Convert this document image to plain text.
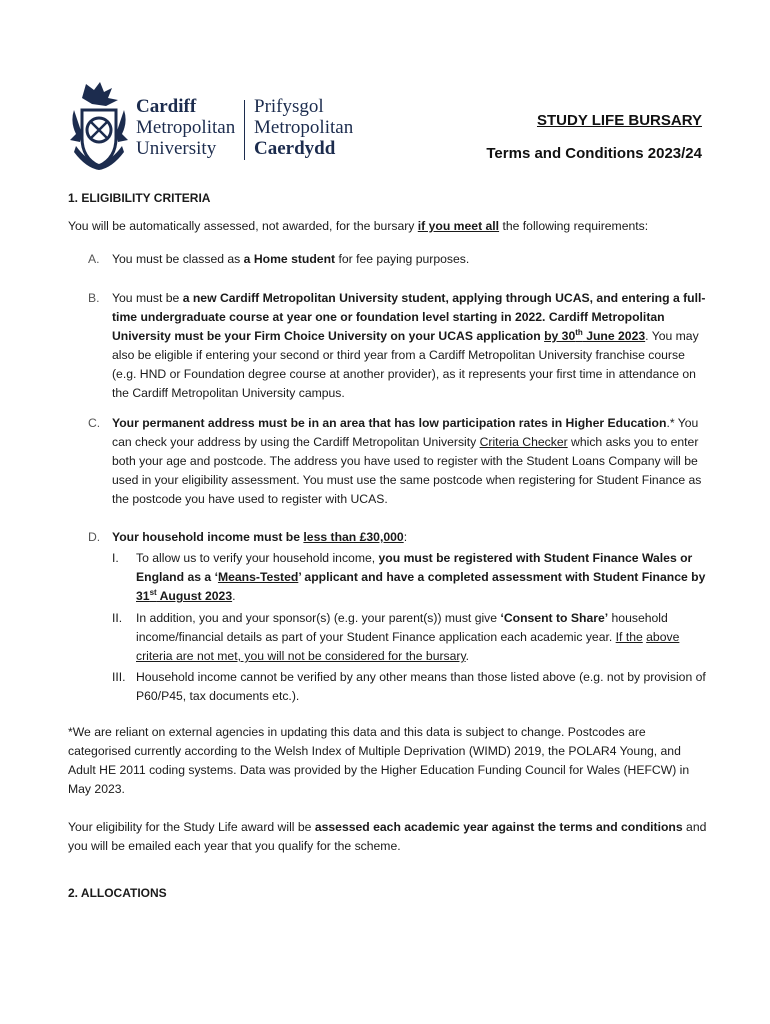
Cardiff
Metropolitan
University
Prifysgol
Metropolitan
Caerdydd
STUDY LIFE BURSARY
Terms and Conditions 2023/24
1. ELIGIBILITY CRITERIA
You will be automatically assessed, not awarded, for the bursary if you meet all the following requirements:
A.	You must be classed as a Home student for fee paying purposes.
B.	You must be a new Cardiff Metropolitan University student, applying through UCAS, and entering a full-time undergraduate course at year one or foundation level starting in 2022. Cardiff Metropolitan University must be your Firm Choice University on your UCAS application by 30th June 2023. You may also be eligible if entering your second or third year from a Cardiff Metropolitan University franchise course (e.g. HND or Foundation degree course at another provider), as it represents your first time in attendance on the Cardiff Metropolitan University campus.
C. Your permanent address must be in an area that has low participation rates in Higher Education.* You can check your address by using the Cardiff Metropolitan University Criteria Checker which asks you to enter both your age and postcode. The address you have used to register with the Student Loans Company will be used in your eligibility assessment. You must use the same postcode when registering for Student Finance as the postcode you have used to register with UCAS.
D. Your household income must be less than £30,000:
I.	To allow us to verify your household income, you must be registered with Student Finance Wales or England as a ‘Means-Tested’ applicant and have a completed assessment with Student Finance by 31st August 2023.
II.	In addition, you and your sponsor(s) (e.g. your parent(s)) must give ‘Consent to Share’ household income/financial details as part of your Student Finance application each academic year. If the above criteria are not met, you will not be considered for the bursary.
III. Household income cannot be verified by any other means than those listed above (e.g. not by provision of P60/P45, tax documents etc.).
*We are reliant on external agencies in updating this data and this data is subject to change. Postcodes are categorised currently according to the Welsh Index of Multiple Deprivation (WIMD) 2019, the POLAR4 Young, and Adult HE 2011 coding systems. Data was provided by the Higher Education Funding Council for Wales (HEFCW) in May 2023.
Your eligibility for the Study Life award will be assessed each academic year against the terms and conditions and you will be emailed each year that you qualify for the scheme.
2. ALLOCATIONS
